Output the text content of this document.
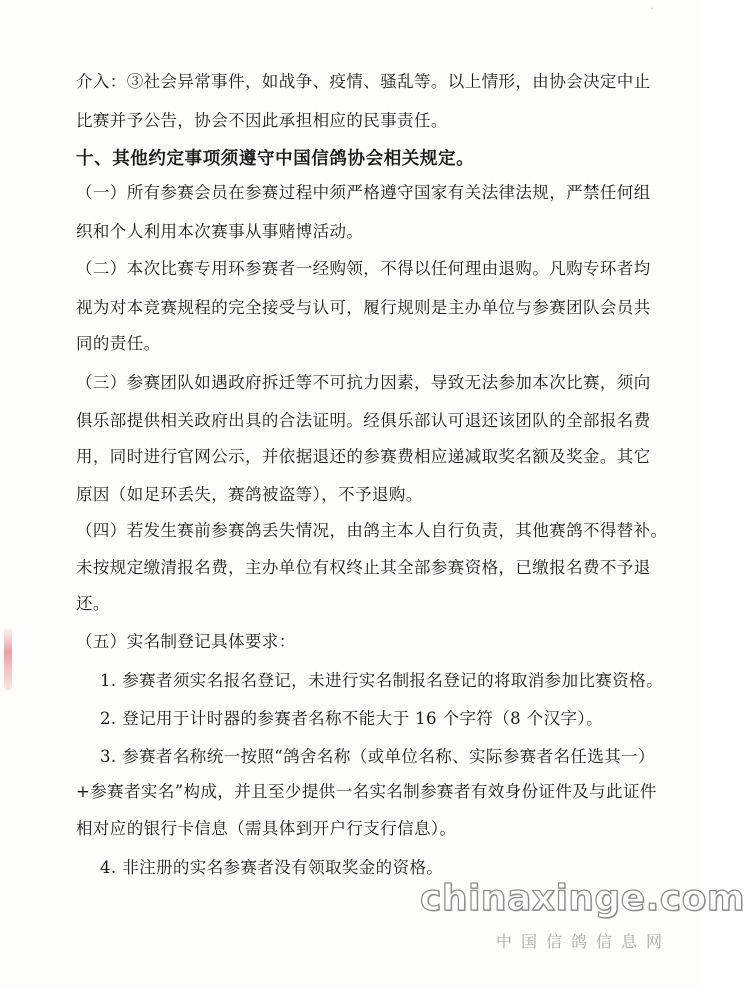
·
介入：③社会异常事件，如战争、疫情、骚乱等。以上情形，由协会决定中止
比赛并予公告，协会不因此承担相应的民事责任。
十、其他约定事项须遵守中国信鸽协会相关规定。
（一）所有参赛会员在参赛过程中须严格遵守国家有关法律法规，严禁任何组
织和个人利用本次赛事从事赌博活动。
（二）本次比赛专用环参赛者一经购领，不得以任何理由退购。凡购专环者均
视为对本竞赛规程的完全接受与认可，履行规则是主办单位与参赛团队会员共
同的责任。
（三）参赛团队如遇政府拆迁等不可抗力因素，导致无法参加本次比赛，须向
俱乐部提供相关政府出具的合法证明。经俱乐部认可退还该团队的全部报名费
用，同时进行官网公示，并依据退还的参赛费相应递减取奖名额及奖金。其它
原因（如足环丢失，赛鸽被盗等），不予退购。
（四）若发生赛前参赛鸽丢失情况，由鸽主本人自行负责，其他赛鸽不得替补。
未按规定缴清报名费，主办单位有权终止其全部参赛资格，已缴报名费不予退
还。
（五）实名制登记具体要求：
1. 参赛者须实名报名登记，未进行实名制报名登记的将取消参加比赛资格。
2. 登记用于计时器的参赛者名称不能大于 16 个字符（8 个汉字）。
3. 参赛者名称统一按照“鸽舍名称（或单位名称、实际参赛者名任选其一）
+参赛者实名”构成，并且至少提供一名实名制参赛者有效身份证件及与此证件
相对应的银行卡信息（需具体到开户行支行信息）。
4. 非注册的实名参赛者没有领取奖金的资格。
chinaxinge.com
中国信鸽信息网
